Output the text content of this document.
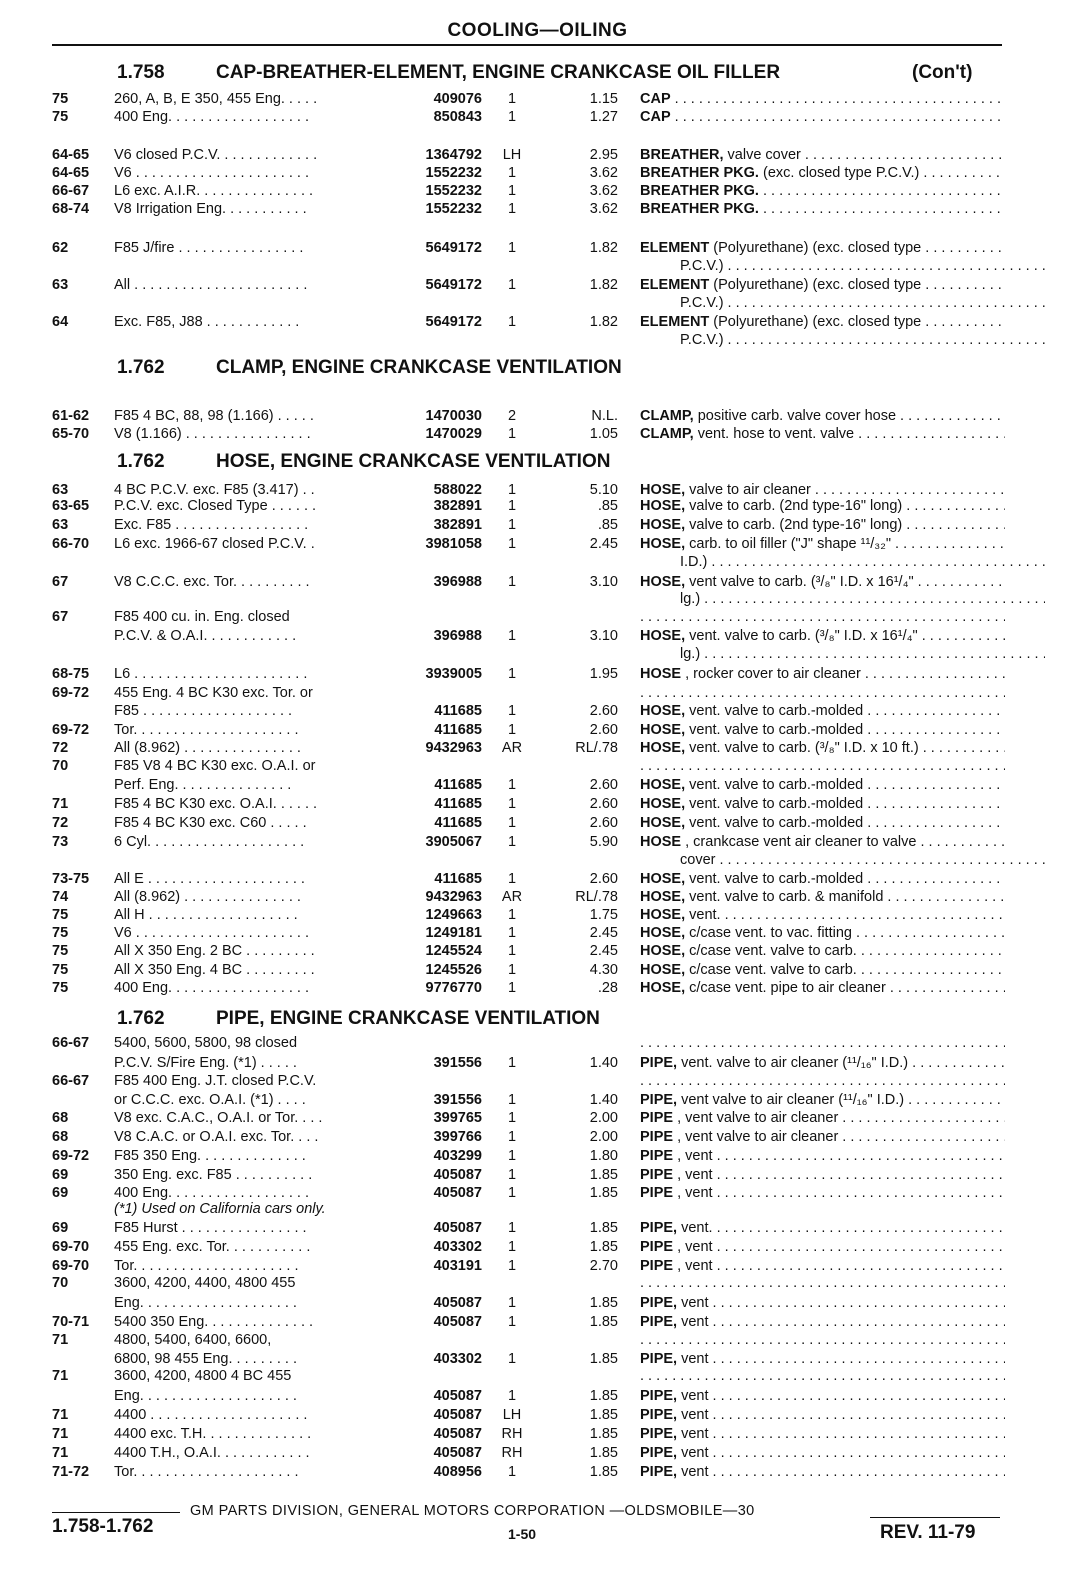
COOLING—OILING
1.758	CAP-BREATHER-ELEMENT, ENGINE CRANKCASE OIL FILLER	(Con't)
1.762	CLAMP, ENGINE CRANKCASE VENTILATION
1.762	HOSE, ENGINE CRANKCASE VENTILATION
1.762	PIPE, ENGINE CRANKCASE VENTILATION
75	260, A, B, E 350, 455 Eng. . . . .	409076	1	1.15 CAP . . .
75	400 Eng. . . . . . . . . . . . . . . . . .	850843	1	1.27 CAP . . .
64-65	V6 closed P.C.V. . . . . . . . . . . . .	1364792	LH	2.95 BREATHER, valve cover . . .
64-65	V6 . . . . . . . . . . . . . . . . . . . . . .	1552232	1	3.62 BREATHER PKG. (exc. closed type P.C.V.) . . . .
66-67	L6 exc. A.I.R. . . . . . . . . . . . . . .	1552232	1	3.62 BREATHER PKG. . . .
68-74	V8 Irrigation Eng. . . . . . . . . . .	1552232	1	3.62 BREATHER PKG. . . .
62	F85 J/fire . . . . . . . . . . . . . . . .	5649172	1	1.82 ELEMENT (Polyurethane) (exc. closed type . . .
P.C.V.) . . .
63	All . . . . . . . . . . . . . . . . . . . . . .	5649172	1	1.82 ELEMENT (Polyurethane) (exc. closed type . . .
P.C.V.) . . .
64	Exc. F85, J88 . . . . . . . . . . . .	5649172	1	1.82 ELEMENT (Polyurethane) (exc. closed type . . .
P.C.V.) . . .
61-62	F85 4 BC, 88, 98 (1.166) . . . . .	1470030	2	N.L. CLAMP, positive carb. valve cover hose . . . . . .
65-70	V8 (1.166) . . . . . . . . . . . . . . . .	1470029	1	1.05 CLAMP, vent. hose to vent. valve . . .
63	4 BC P.C.V. exc. F85 (3.417) . .	588022	1	5.10 HOSE, valve to air cleaner . . .
63-65	P.C.V. exc. Closed Type . . . . . .	382891	1	.85 HOSE, valve to carb. (2nd type-16" long) . . . . .
63	Exc. F85 . . . . . . . . . . . . . . . . .	382891	1	.85 HOSE, valve to carb. (2nd type-16" long) . . . . .
66-70	L6 exc. 1966-67 closed P.C.V. .	3981058	1	2.45 HOSE, carb. to oil filler ("J" shape ¹¹/₃₂" . . .
I.D.) . . .
67	V8 C.C.C. exc. Tor. . . . . . . . . .	396988	1	3.10 HOSE, vent valve to carb. (³/₈" I.D. x 16¹/₄" . . .
lg.) . . .
67	F85 400 cu. in. Eng. closed
. . .
P.C.V. & O.A.I. . . . . . . . . . . .	396988	1	3.10 HOSE, vent. valve to carb. (³/₈" I.D. x 16¹/₄" . . .
lg.) . . .
68-75	L6 . . . . . . . . . . . . . . . . . . . . . .	3939005	1	1.95 HOSE , rocker cover to air cleaner . . .
69-72	455 Eng. 4 BC K30 exc. Tor. or
. . .
F85 . . . . . . . . . . . . . . . . . . .	411685	1	2.60 HOSE, vent. valve to carb.-molded . . .
69-72	Tor. . . . . . . . . . . . . . . . . . . . .	411685	1	2.60 HOSE, vent. valve to carb.-molded . . .
72	All (8.962) . . . . . . . . . . . . . . .	9432963	AR	RL/.78 HOSE, vent. valve to carb. (³/₈" I.D. x 10 ft.) . . .
70	F85 V8 4 BC K30 exc. O.A.I. or
. . .
Perf. Eng. . . . . . . . . . . . . . .	411685	1	2.60 HOSE, vent. valve to carb.-molded . . .
71	F85 4 BC K30 exc. O.A.I. . . . . .	411685	1	2.60 HOSE, vent. valve to carb.-molded . . .
72	F85 4 BC K30 exc. C60 . . . . .	411685	1	2.60 HOSE, vent. valve to carb.-molded . . .
73	6 Cyl. . . . . . . . . . . . . . . . . . . .	3905067	1	5.90 HOSE , crankcase vent air cleaner to valve . . .
cover . . .
73-75	All E . . . . . . . . . . . . . . . . . . . .	411685	1	2.60 HOSE, vent. valve to carb.-molded . . .
74	All (8.962) . . . . . . . . . . . . . . .	9432963	AR	RL/.78 HOSE, vent. valve to carb. & manifold . . .
75	All H . . . . . . . . . . . . . . . . . . .	1249663	1	1.75 HOSE, vent. . . .
75	V6 . . . . . . . . . . . . . . . . . . . . . .	1249181	1	2.45 HOSE, c/case vent. to vac. fitting . . .
75	All X 350 Eng. 2 BC . . . . . . . . .	1245524	1	2.45 HOSE, c/case vent. valve to carb. . . .
75	All X 350 Eng. 4 BC . . . . . . . . .	1245526	1	4.30 HOSE, c/case vent. valve to carb. . . .
75	400 Eng. . . . . . . . . . . . . . . . . .	9776770	1	.28 HOSE, c/case vent. pipe to air cleaner . . . . . . .
66-67	5400, 5600, 5800, 98 closed
. . .
P.C.V. S/Fire Eng. (*1) . . . . .	391556	1	1.40 PIPE, vent. valve to air cleaner (¹¹/₁₆" I.D.) . . . .
66-67	F85 400 Eng. J.T. closed P.C.V.
. . .
or C.C.C. exc. O.A.I. (*1) . . . .	391556	1	1.40 PIPE, vent valve to air cleaner (¹¹/₁₆" I.D.) . . . . .
68	V8 exc. C.A.C., O.A.I. or Tor. . . .	399765	1	2.00 PIPE , vent valve to air cleaner . . .
68	V8 C.A.C. or O.A.I. exc. Tor. . . .	399766	1	2.00 PIPE , vent valve to air cleaner . . .
69-72	F85 350 Eng. . . . . . . . . . . . . .	403299	1	1.80 PIPE , vent . . .
69	350 Eng. exc. F85 . . . . . . . . . .	405087	1	1.85 PIPE , vent . . .
69	400 Eng. . . . . . . . . . . . . . . . . .	405087	1	1.85 PIPE , vent . . .
69	F85 Hurst . . . . . . . . . . . . . . . .	405087	1	1.85 PIPE, vent. . . .
69-70	455 Eng. exc. Tor. . . . . . . . . . .	403302	1	1.85 PIPE , vent . . .
69-70	Tor. . . . . . . . . . . . . . . . . . . . .	403191	1	2.70 PIPE , vent . . .
70	3600, 4200, 4400, 4800 455
. . .
Eng. . . . . . . . . . . . . . . . . . . .	405087	1	1.85 PIPE, vent . . .
70-71	5400 350 Eng. . . . . . . . . . . . . .	405087	1	1.85 PIPE, vent . . .
71	4800, 5400, 6400, 6600,
. . .
6800, 98 455 Eng. . . . . . . . .	403302	1	1.85 PIPE, vent . . .
71	3600, 4200, 4800 4 BC 455
. . .
Eng. . . . . . . . . . . . . . . . . . . .	405087	1	1.85 PIPE, vent . . .
71	4400 . . . . . . . . . . . . . . . . . . . .	405087	LH	1.85 PIPE, vent . . .
71	4400 exc. T.H. . . . . . . . . . . . . .	405087	RH	1.85 PIPE, vent . . .
71	4400 T.H., O.A.I. . . . . . . . . . . .	405087	RH	1.85 PIPE, vent . . .
71-72	Tor. . . . . . . . . . . . . . . . . . . . .	408956	1	1.85 PIPE, vent . . .
(*1) Used on California cars only.
GM PARTS DIVISION, GENERAL MOTORS CORPORATION —OLDSMOBILE—30
1.758-1.762	1-50	REV. 11-79
